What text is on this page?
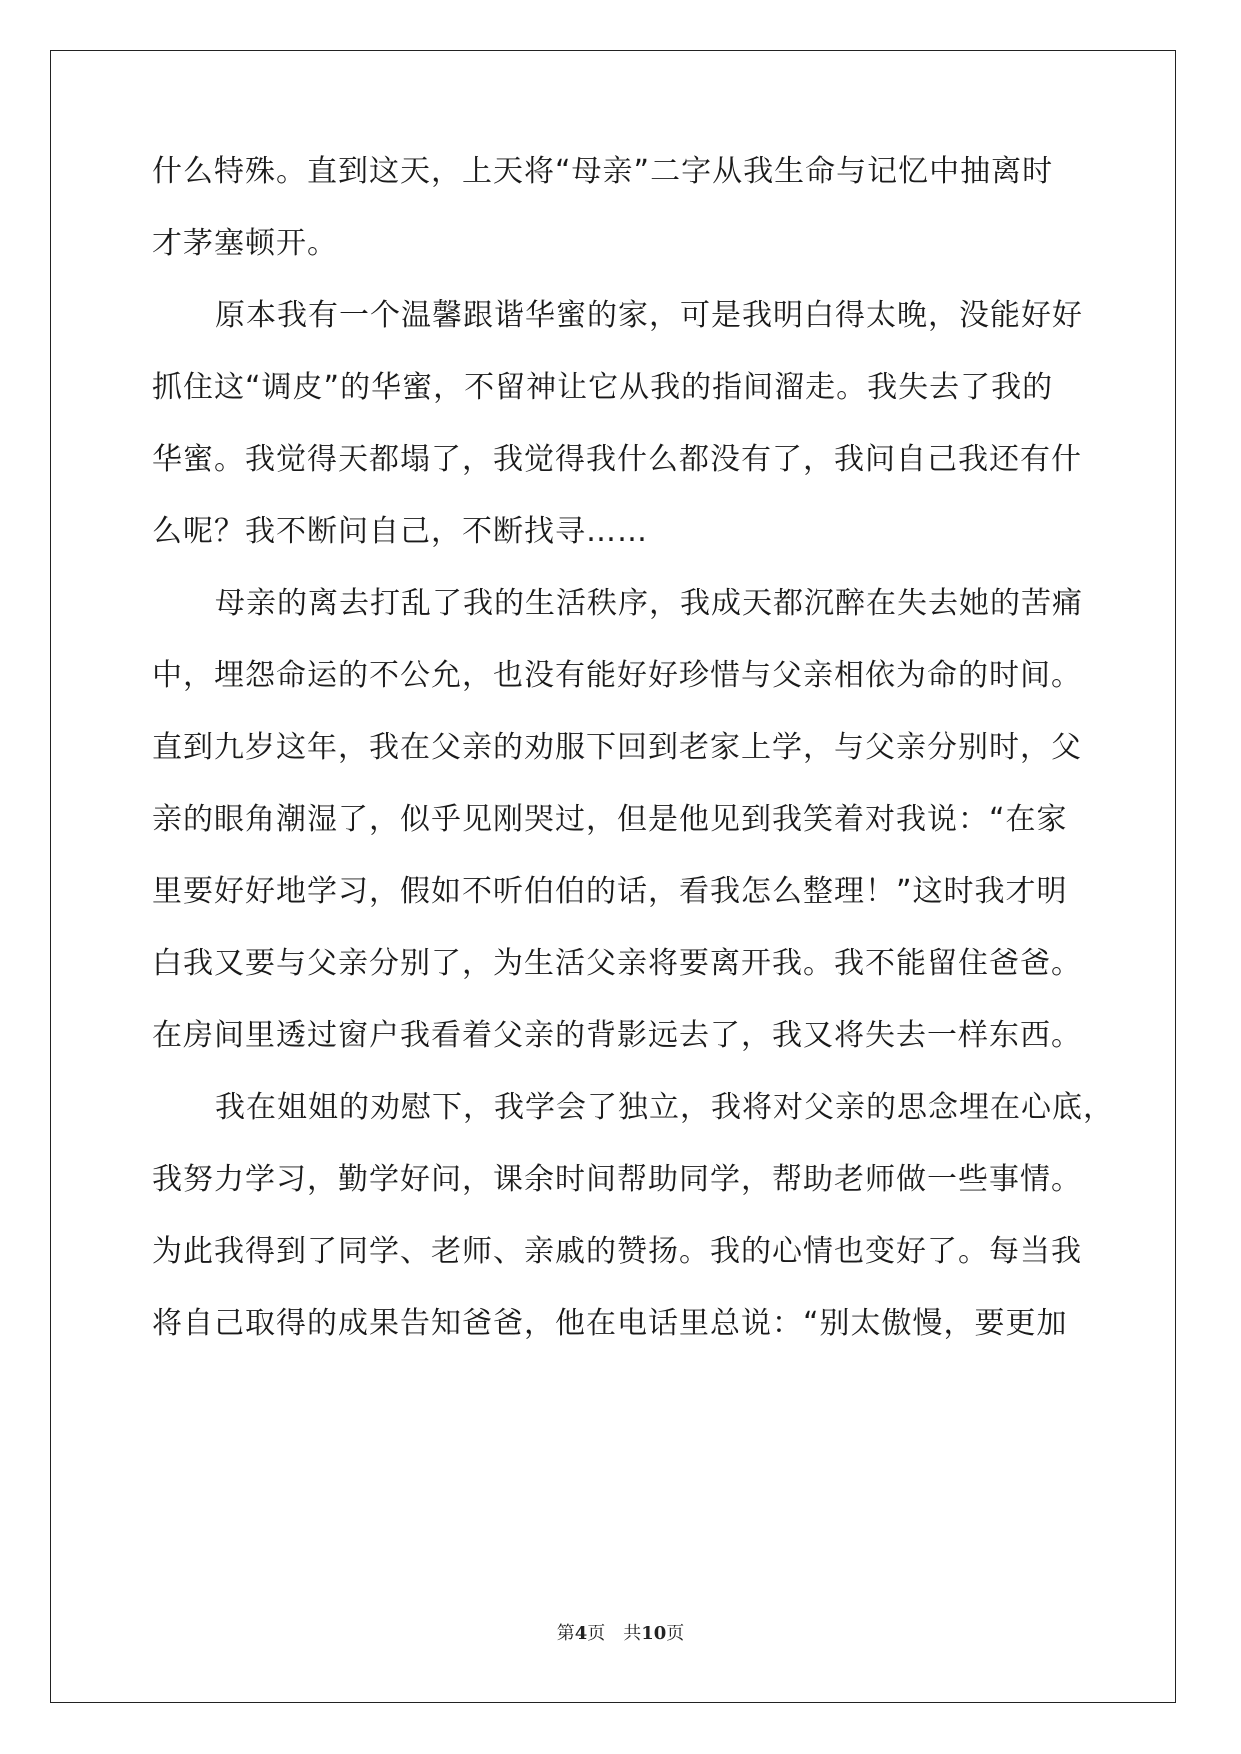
什么特殊。直到这天，上天将“母亲”二字从我生命与记忆中抽离时
才茅塞顿开。
原本我有一个温馨跟谐华蜜的家，可是我明白得太晚，没能好好
抓住这“调皮”的华蜜，不留神让它从我的指间溜走。我失去了我的
华蜜。我觉得天都塌了，我觉得我什么都没有了，我问自己我还有什
么呢？我不断问自己，不断找寻……
母亲的离去打乱了我的生活秩序，我成天都沉醉在失去她的苦痛
中，埋怨命运的不公允，也没有能好好珍惜与父亲相依为命的时间。
直到九岁这年，我在父亲的劝服下回到老家上学，与父亲分别时，父
亲的眼角潮湿了，似乎见刚哭过，但是他见到我笑着对我说：“在家
里要好好地学习，假如不听伯伯的话，看我怎么整理！”这时我才明
白我又要与父亲分别了，为生活父亲将要离开我。我不能留住爸爸。
在房间里透过窗户我看着父亲的背影远去了，我又将失去一样东西。
我在姐姐的劝慰下，我学会了独立，我将对父亲的思念埋在心底，
我努力学习，勤学好问，课余时间帮助同学，帮助老师做一些事情。
为此我得到了同学、老师、亲戚的赞扬。我的心情也变好了。每当我
将自己取得的成果告知爸爸，他在电话里总说：“别太傲慢，要更加
第4页 共10页
